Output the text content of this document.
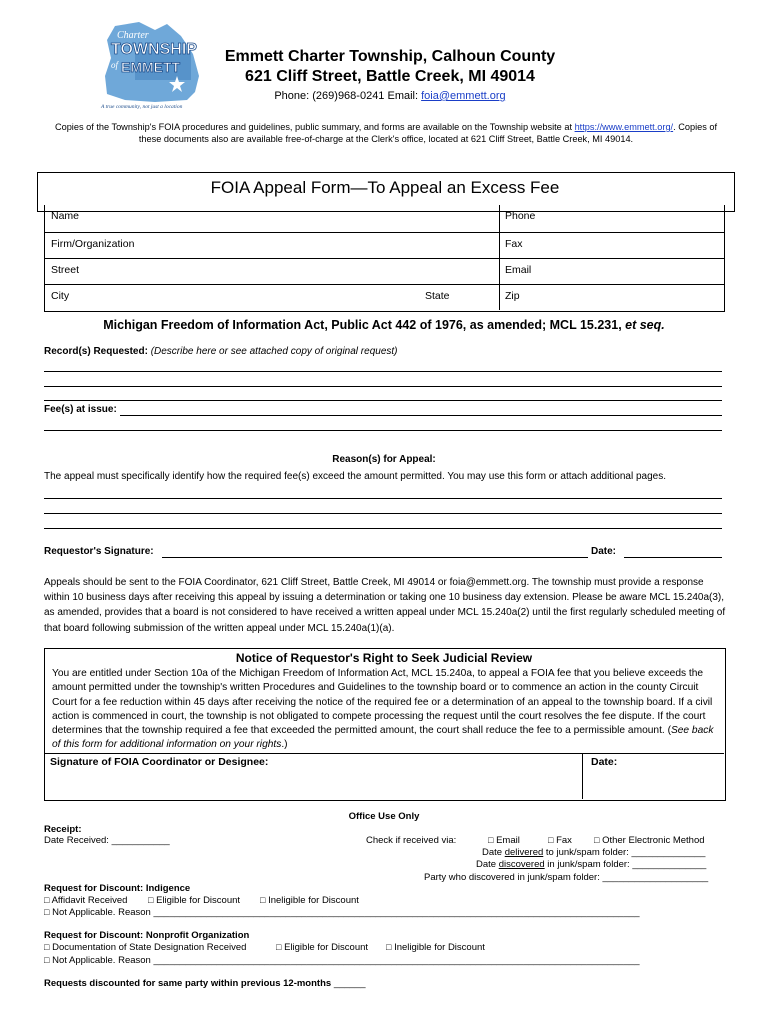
Charter
TOWNSHIP
of EMMETT
A true community, not just a location
Emmett Charter Township, Calhoun County
621 Cliff Street, Battle Creek, MI 49014
Phone: (269)968-0241 Email: foia@emmett.org
Copies of the Township's FOIA procedures and guidelines, public summary, and forms are available on the Township website at https://www.emmett.org/. Copies of these documents also are available free-of-charge at the Clerk's office, located at 621 Cliff Street, Battle Creek, MI 49014.
FOIA Appeal Form—To Appeal an Excess Fee
Name	Phone
Firm/Organization	Fax
Street	Email
City	State	Zip
Michigan Freedom of Information Act, Public Act 442 of 1976, as amended; MCL 15.231, et seq.
Record(s) Requested: (Describe here or see attached copy of original request)
Fee(s) at issue:
Reason(s) for Appeal:
The appeal must specifically identify how the required fee(s) exceed the amount permitted. You may use this form or attach additional pages.
Requestor's Signature:	Date:
Appeals should be sent to the FOIA Coordinator, 621 Cliff Street, Battle Creek, MI 49014 or foia@emmett.org. The township must provide a response within 10 business days after receiving this appeal by issuing a determination or taking one 10 business day extension. Please be aware MCL 15.240a(3), as amended, provides that a board is not considered to have received a written appeal under MCL 15.240a(2) until the first regularly scheduled meeting of that board following submission of the written appeal under MCL 15.240a(1)(a).
Notice of Requestor's Right to Seek Judicial Review
You are entitled under Section 10a of the Michigan Freedom of Information Act, MCL 15.240a, to appeal a FOIA fee that you believe exceeds the amount permitted under the township's written Procedures and Guidelines to the township board or to commence an action in the county Circuit Court for a fee reduction within 45 days after receiving the notice of the required fee or a determination of an appeal to the township board. If a civil action is commenced in court, the township is not obligated to compete processing the request until the court resolves the fee dispute. If the court determines that the township required a fee that exceeded the permitted amount, the court shall reduce the fee to a permissible amount. (See back of this form for additional information on your rights.)
Signature of FOIA Coordinator or Designee:	Date:
Office Use Only
Receipt:
Date Received: ___________	Check if received via:	□ Email	□ Fax □ Other Electronic Method
Date delivered to junk/spam folder: ______________
Date discovered in junk/spam folder: ______________
Party who discovered in junk/spam folder: ____________________
Request for Discount: Indigence
□ Affidavit Received □ Eligible for Discount □ Ineligible for Discount
□ Not Applicable. Reason ____________________________________________________________________________________________
Request for Discount: Nonprofit Organization
□ Documentation of State Designation Received	□ Eligible for Discount □ Ineligible for Discount
□ Not Applicable. Reason ____________________________________________________________________________________________
Requests discounted for same party within previous 12-months ______
